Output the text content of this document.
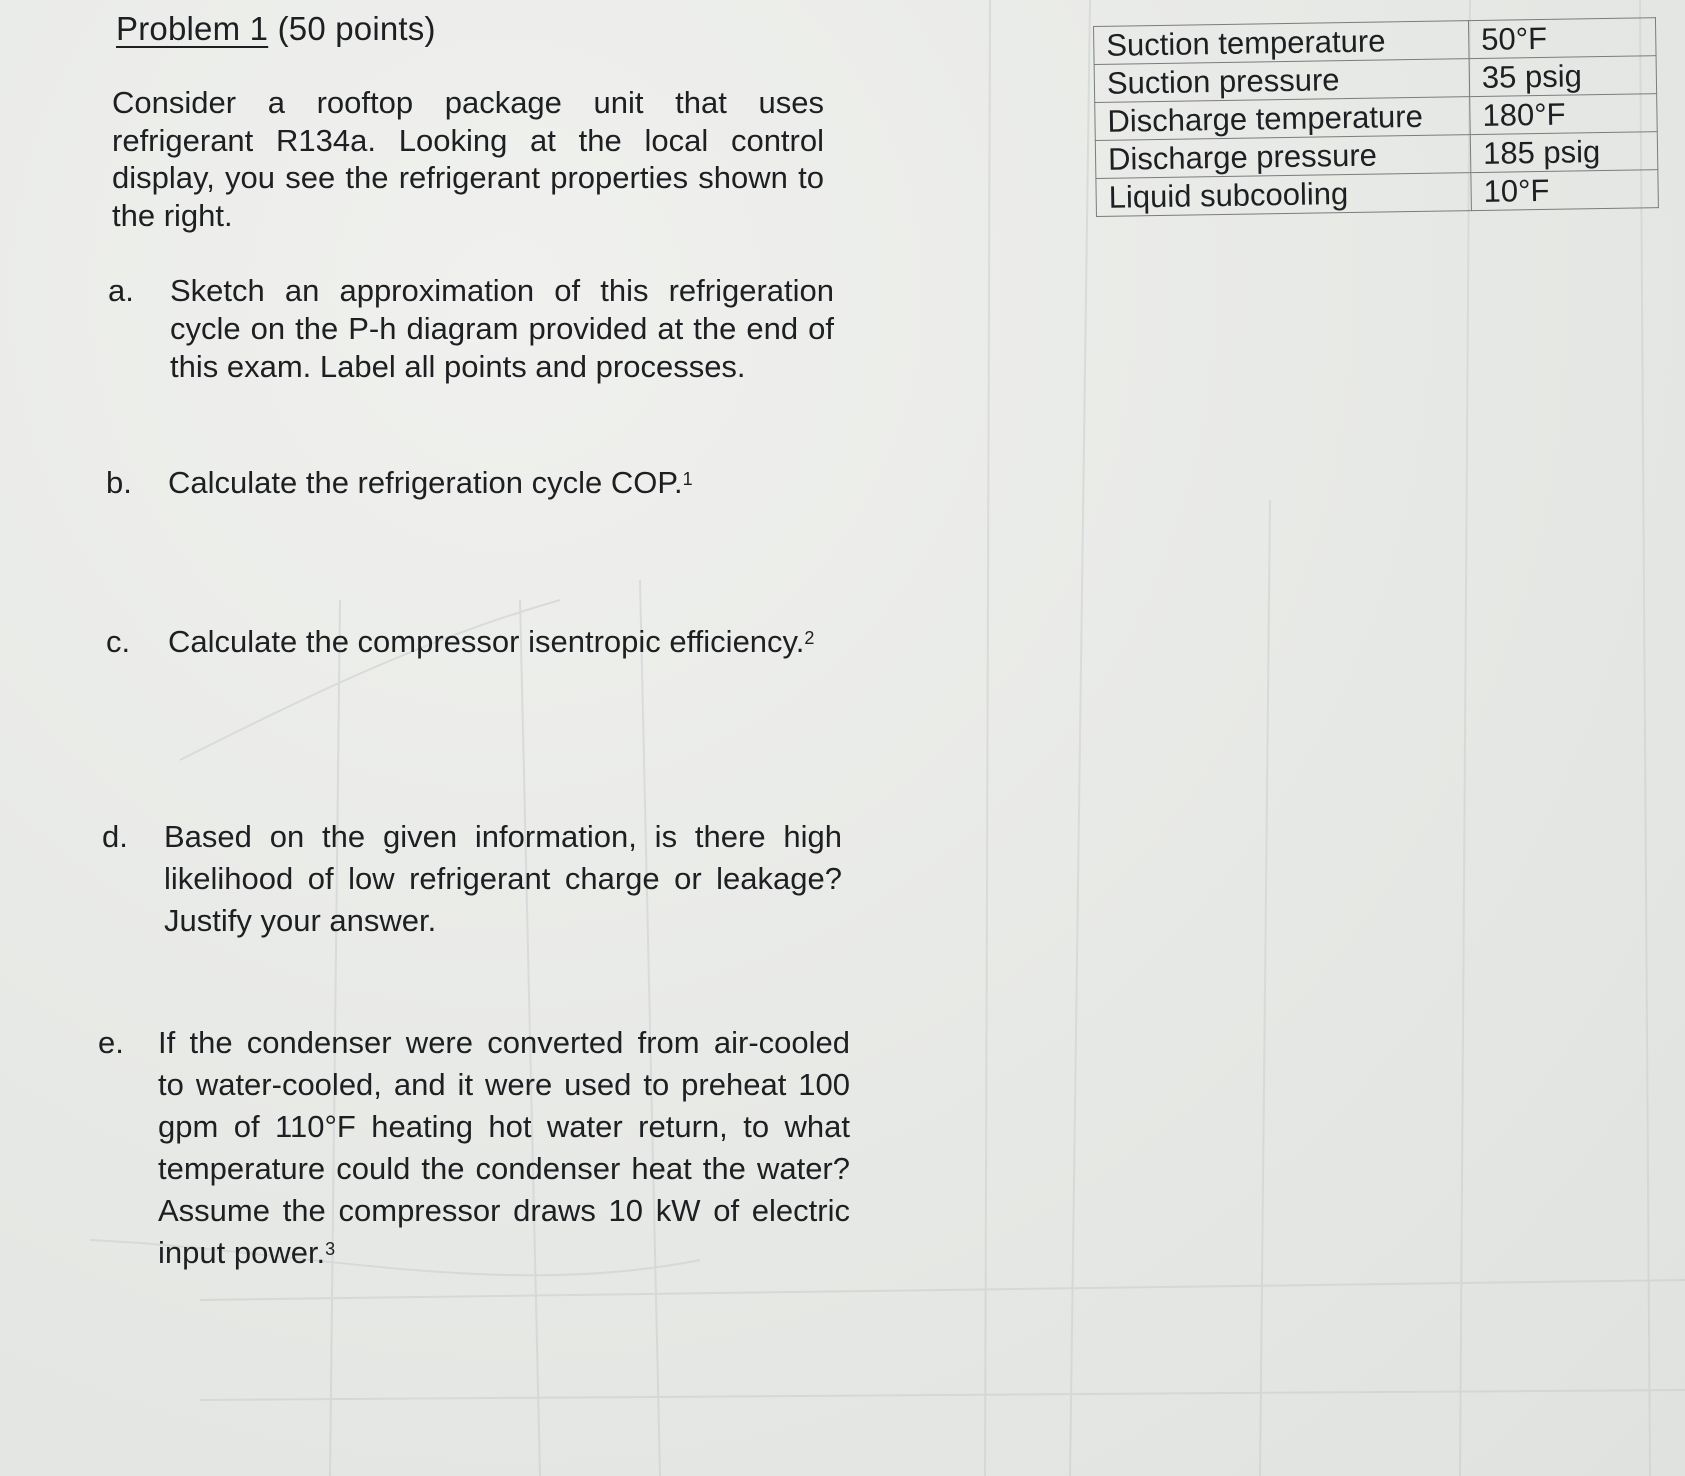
Problem 1 (50 points)
Consider a rooftop package unit that uses refrigerant R134a. Looking at the local control display, you see the refrigerant properties shown to the right.
Suction temperature	50°F
Suction pressure	35 psig
Discharge temperature	180°F
Discharge pressure	185 psig
Liquid subcooling	10°F
a. Sketch an approximation of this refrigeration cycle on the P-h diagram provided at the end of this exam. Label all points and processes.
b. Calculate the refrigeration cycle COP.$^1$
c. Calculate the compressor isentropic efficiency.$^2$
d. Based on the given information, is there high likelihood of low refrigerant charge or leakage? Justify your answer.
e. If the condenser were converted from air-cooled to water-cooled, and it were used to preheat 100 gpm of 110°F heating hot water return, to what temperature could the condenser heat the water? Assume the compressor draws 10 kW of electric input power.$^3$
